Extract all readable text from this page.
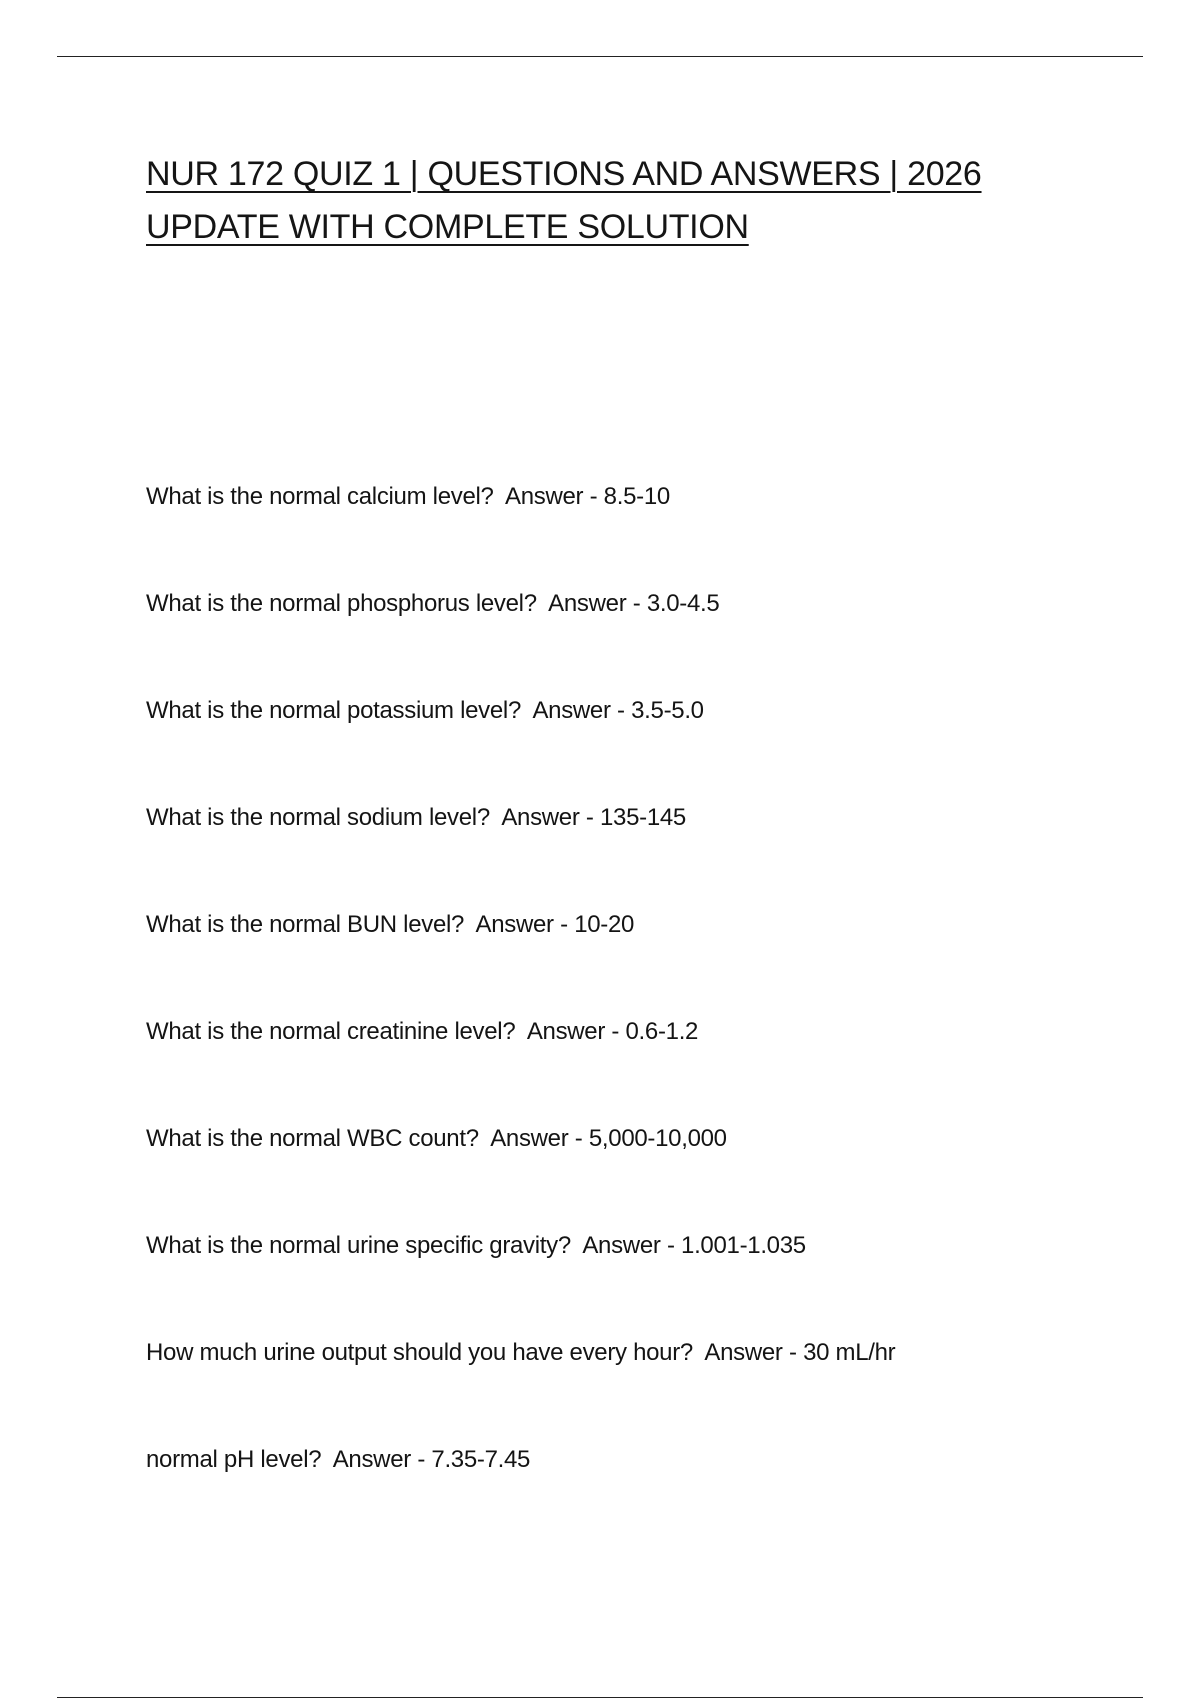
NUR 172 QUIZ 1 | QUESTIONS AND ANSWERS | 2026 UPDATE WITH COMPLETE SOLUTION
What is the normal calcium level? Answer - 8.5-10
What is the normal phosphorus level? Answer - 3.0-4.5
What is the normal potassium level? Answer - 3.5-5.0
What is the normal sodium level? Answer - 135-145
What is the normal BUN level? Answer - 10-20
What is the normal creatinine level? Answer - 0.6-1.2
What is the normal WBC count? Answer - 5,000-10,000
What is the normal urine specific gravity? Answer - 1.001-1.035
How much urine output should you have every hour? Answer - 30 mL/hr
normal pH level? Answer - 7.35-7.45
